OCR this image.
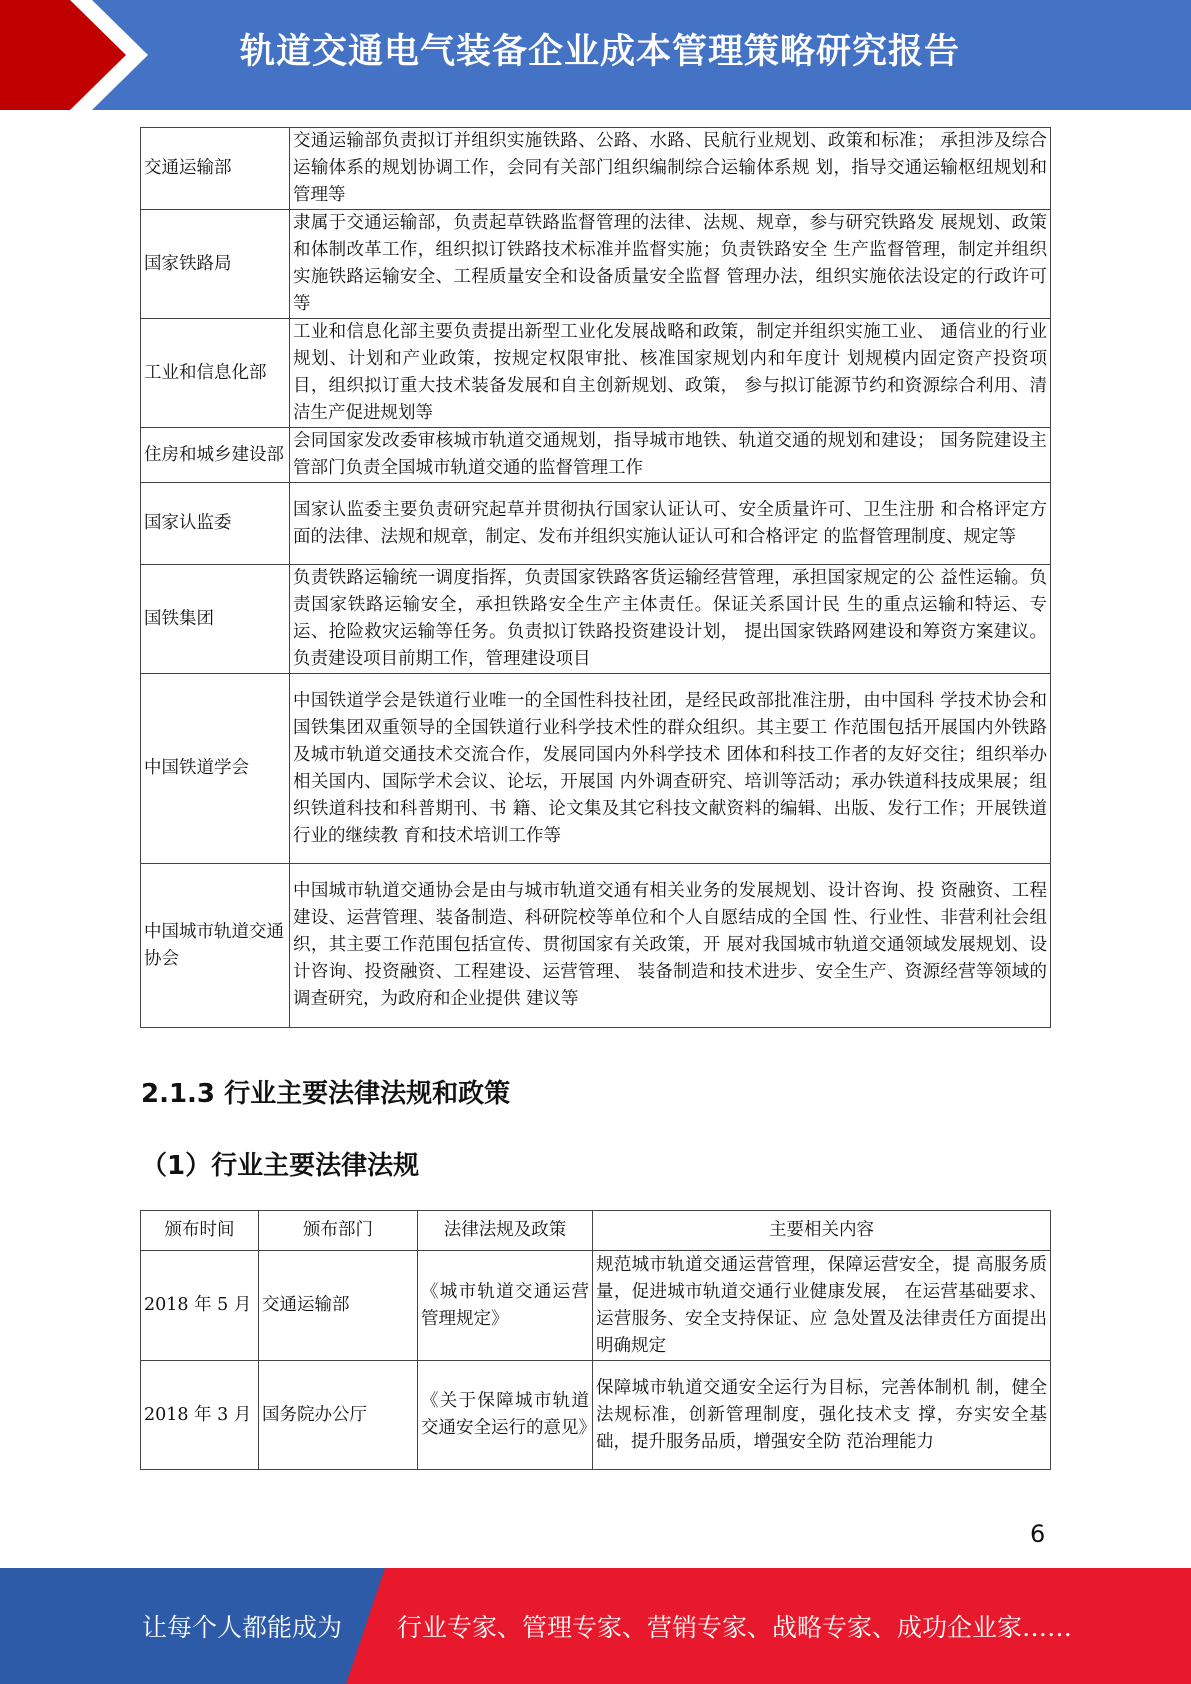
轨道交通电气装备企业成本管理策略研究报告
交通运输部	交通运输部负责拟订并组织实施铁路、公路、水路、民航行业规划、政策和标准； 承担涉及综合运输体系的规划协调工作，会同有关部门组织编制综合运输体系规 划，指导交通运输枢纽规划和管理等
国家铁路局	隶属于交通运输部，负责起草铁路监督管理的法律、法规、规章，参与研究铁路发 展规划、政策和体制改革工作，组织拟订铁路技术标准并监督实施；负责铁路安全 生产监督管理，制定并组织实施铁路运输安全、工程质量安全和设备质量安全监督 管理办法，组织实施依法设定的行政许可等
工业和信息化部	工业和信息化部主要负责提出新型工业化发展战略和政策，制定并组织实施工业、 通信业的行业规划、计划和产业政策，按规定权限审批、核准国家规划内和年度计 划规模内固定资产投资项目，组织拟订重大技术装备发展和自主创新规划、政策， 参与拟订能源节约和资源综合利用、清洁生产促进规划等
住房和城乡建设部	会同国家发改委审核城市轨道交通规划，指导城市地铁、轨道交通的规划和建设； 国务院建设主管部门负责全国城市轨道交通的监督管理工作
国家认监委	国家认监委主要负责研究起草并贯彻执行国家认证认可、安全质量许可、卫生注册 和合格评定方面的法律、法规和规章，制定、发布并组织实施认证认可和合格评定 的监督管理制度、规定等
国铁集团	负责铁路运输统一调度指挥，负责国家铁路客货运输经营管理，承担国家规定的公 益性运输。负责国家铁路运输安全，承担铁路安全生产主体责任。保证关系国计民 生的重点运输和特运、专运、抢险救灾运输等任务。负责拟订铁路投资建设计划， 提出国家铁路网建设和筹资方案建议。负责建设项目前期工作，管理建设项目
中国铁道学会	中国铁道学会是铁道行业唯一的全国性科技社团，是经民政部批准注册，由中国科 学技术协会和国铁集团双重领导的全国铁道行业科学技术性的群众组织。其主要工 作范围包括开展国内外铁路及城市轨道交通技术交流合作，发展同国内外科学技术 团体和科技工作者的友好交往；组织举办相关国内、国际学术会议、论坛，开展国 内外调查研究、培训等活动；承办铁道科技成果展；组织铁道科技和科普期刊、书 籍、论文集及其它科技文献资料的编辑、出版、发行工作；开展铁道行业的继续教 育和技术培训工作等
中国城市轨道交通协会	中国城市轨道交通协会是由与城市轨道交通有相关业务的发展规划、设计咨询、投 资融资、工程建设、运营管理、装备制造、科研院校等单位和个人自愿结成的全国 性、行业性、非营利社会组织，其主要工作范围包括宣传、贯彻国家有关政策，开 展对我国城市轨道交通领域发展规划、设计咨询、投资融资、工程建设、运营管理、 装备制造和技术进步、安全生产、资源经营等领域的调查研究，为政府和企业提供 建议等
2.1.3 行业主要法律法规和政策
（1）行业主要法律法规
颁布时间	颁布部门	法律法规及政策	主要相关内容
2018 年 5 月	交通运输部	《城市轨道交通运营管理规定》	规范城市轨道交通运营管理，保障运营安全，提 高服务质量，促进城市轨道交通行业健康发展， 在运营基础要求、运营服务、安全支持保证、应 急处置及法律责任方面提出明确规定
2018 年 3 月	国务院办公厅	《关于保障城市轨道交通安全运行的意见》	保障城市轨道交通安全运行为目标，完善体制机 制，健全法规标准，创新管理制度，强化技术支 撑，夯实安全基础，提升服务品质，增强安全防 范治理能力
6
让每个人都能成为 行业专家、管理专家、营销专家、战略专家、成功企业家……
